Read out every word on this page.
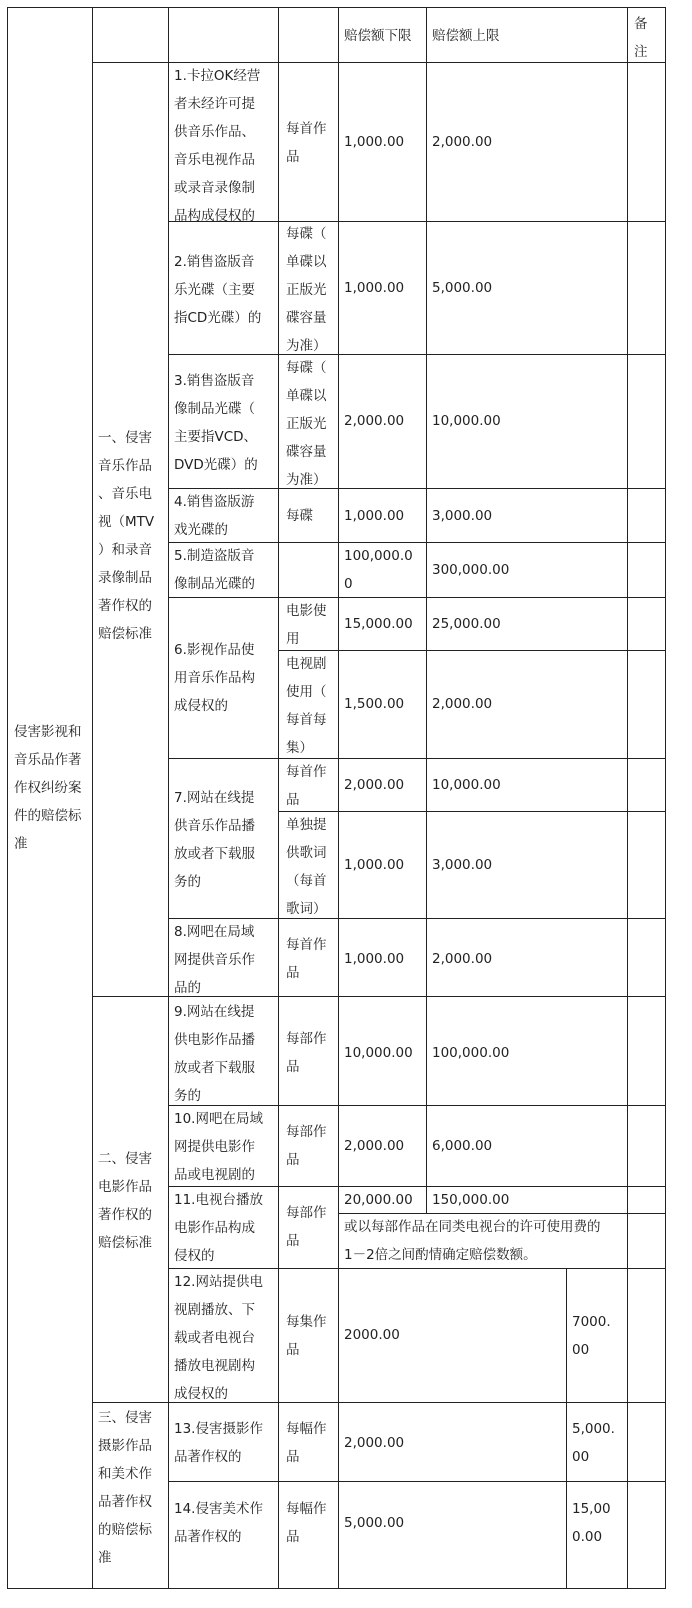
赔偿额下限 赔偿额上限
备
注
侵害影视和
音乐品作著
作权纠纷案
件的赔偿标
准
一、侵害
音乐作品
、音乐电
视（MTV
）和录音
录像制品
著作权的
赔偿标准
二、侵害
电影作品
著作权的
赔偿标准
三、侵害
摄影作品
和美术作
品著作权
的赔偿标
准
1.卡拉OK经营
者未经许可提
供音乐作品、
音乐电视作品
或录音录像制
品构成侵权的
每首作
品
1,000.00 2,000.00
2.销售盗版音
乐光碟（主要
指CD光碟）的
每碟（
单碟以
正版光
碟容量
为准）
1,000.00 5,000.00
3.销售盗版音
像制品光碟（
主要指VCD、
DVD光碟）的
每碟（
单碟以
正版光
碟容量
为准）
2,000.00 10,000.00
4.销售盗版游
戏光碟的
每碟 1,000.00 3,000.00
5.制造盗版音
像制品光碟的
100,000.0
0
300,000.00
6.影视作品使
用音乐作品构
成侵权的
电影使
用
15,000.00 25,000.00
电视剧
使用（
每首每
集）
1,500.00 2,000.00
7.网站在线提
供音乐作品播
放或者下载服
务的
每首作
品
2,000.00 10,000.00
单独提
供歌词
（每首
歌词）
1,000.00 3,000.00
8.网吧在局域
网提供音乐作
品的
每首作
品
1,000.00 2,000.00
9.网站在线提
供电影作品播
放或者下载服
务的
每部作
品
10,000.00 100,000.00
10.网吧在局域
网提供电影作
品或电视剧的
每部作
品
2,000.00 6,000.00
11.电视台播放
电影作品构成
侵权的
每部作
品
20,000.00 150,000.00
或以每部作品在同类电视台的许可使用费的
1－2倍之间酌情确定赔偿数额。
12.网站提供电
视剧播放、下
载或者电视台
播放电视剧构
成侵权的
每集作
品
2000.00
7000.
00
13.侵害摄影作
品著作权的
每幅作
品
2,000.00
5,000.
00
14.侵害美术作
品著作权的
每幅作
品
5,000.00
15,00
0.00
